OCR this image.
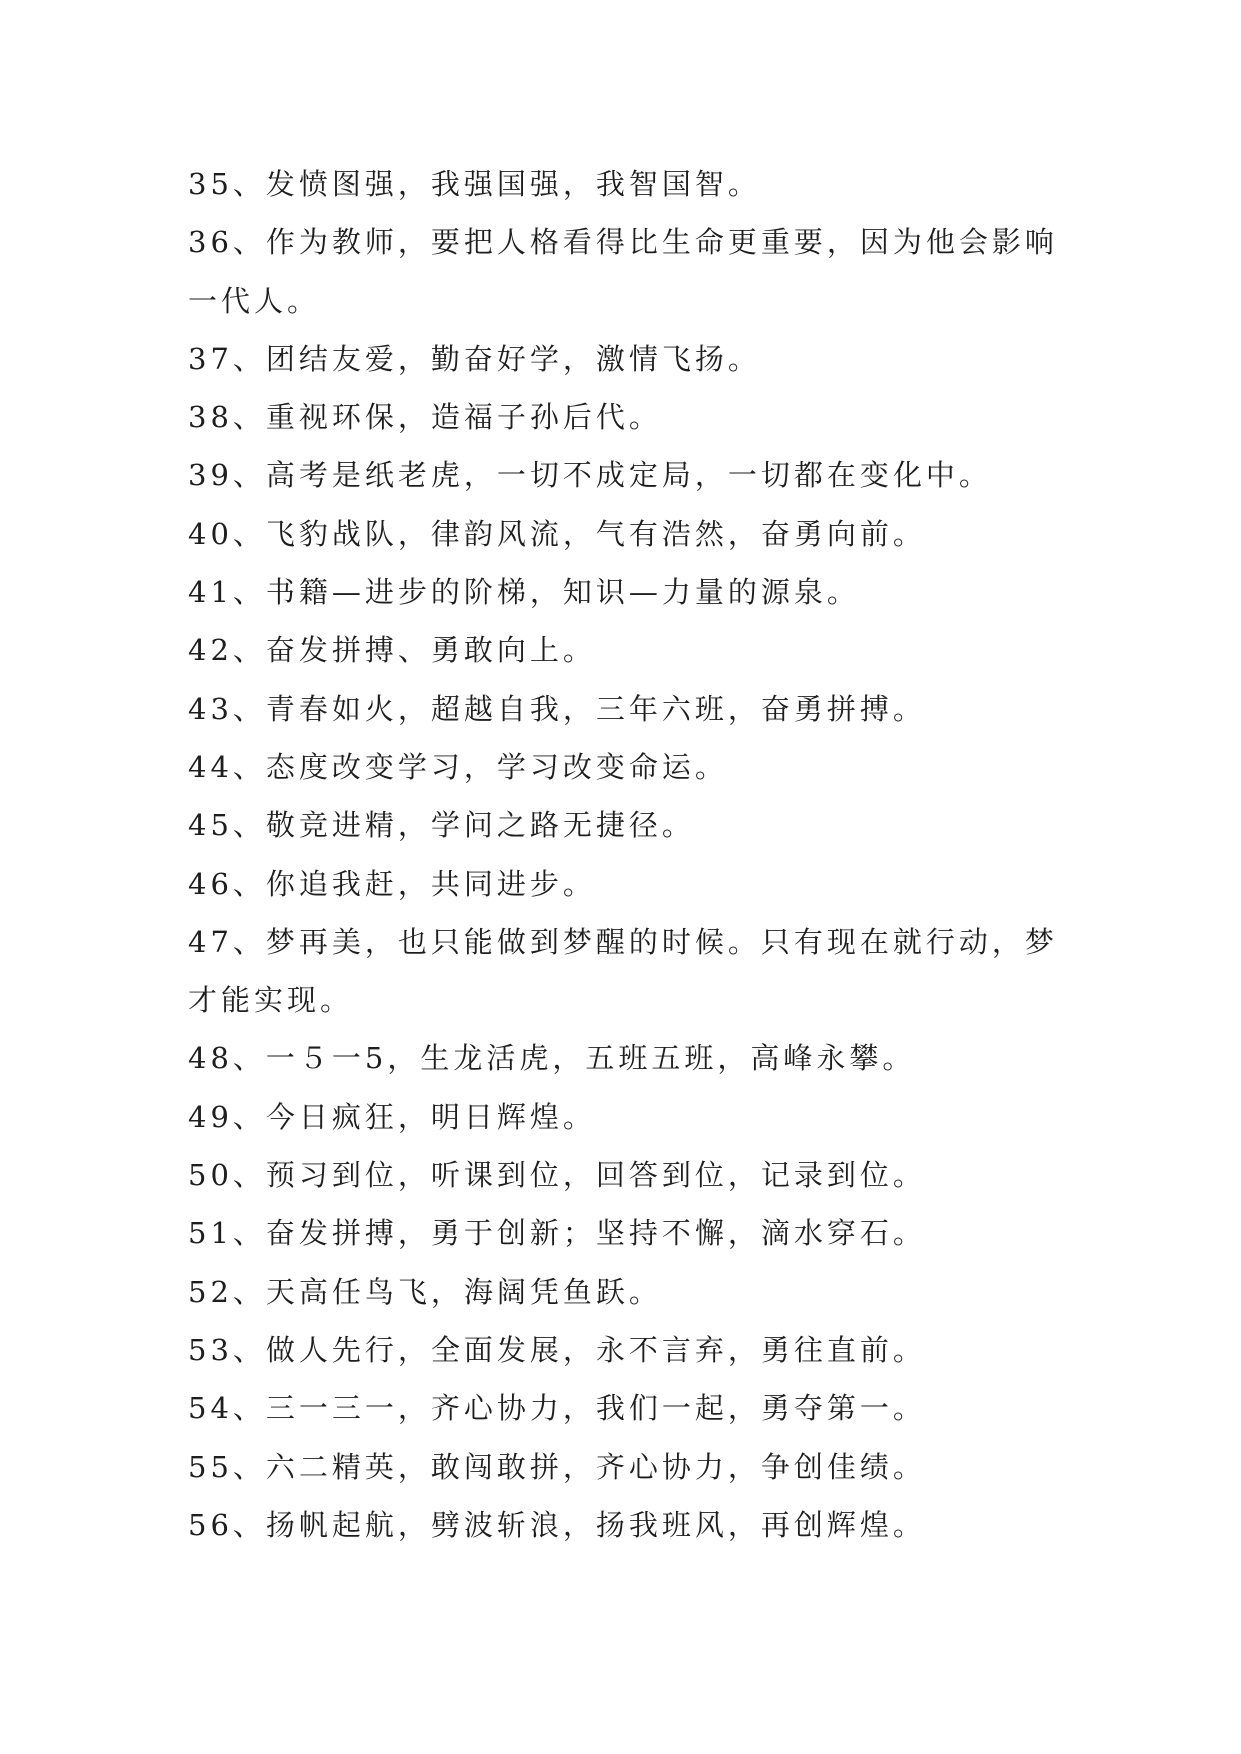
35、发愤图强，我强国强，我智国智。
36、作为教师，要把人格看得比生命更重要，因为他会影响
一代人。
37、团结友爱，勤奋好学，激情飞扬。
38、重视环保，造福子孙后代。
39、高考是纸老虎，一切不成定局，一切都在变化中。
40、飞豹战队，律韵风流，气有浩然，奋勇向前。
41、书籍—进步的阶梯，知识—力量的源泉。
42、奋发拼搏、勇敢向上。
43、青春如火，超越自我，三年六班，奋勇拼搏。
44、态度改变学习，学习改变命运。
45、敬竞进精，学问之路无捷径。
46、你追我赶，共同进步。
47、梦再美，也只能做到梦醒的时候。只有现在就行动，梦
才能实现。
48、一５一5，生龙活虎，五班五班，高峰永攀。
49、今日疯狂，明日辉煌。
50、预习到位，听课到位，回答到位，记录到位。
51、奋发拼搏，勇于创新；坚持不懈，滴水穿石。
52、天高任鸟飞，海阔凭鱼跃。
53、做人先行，全面发展，永不言弃，勇往直前。
54、三一三一，齐心协力，我们一起，勇夺第一。
55、六二精英，敢闯敢拼，齐心协力，争创佳绩。
56、扬帆起航，劈波斩浪，扬我班风，再创辉煌。
